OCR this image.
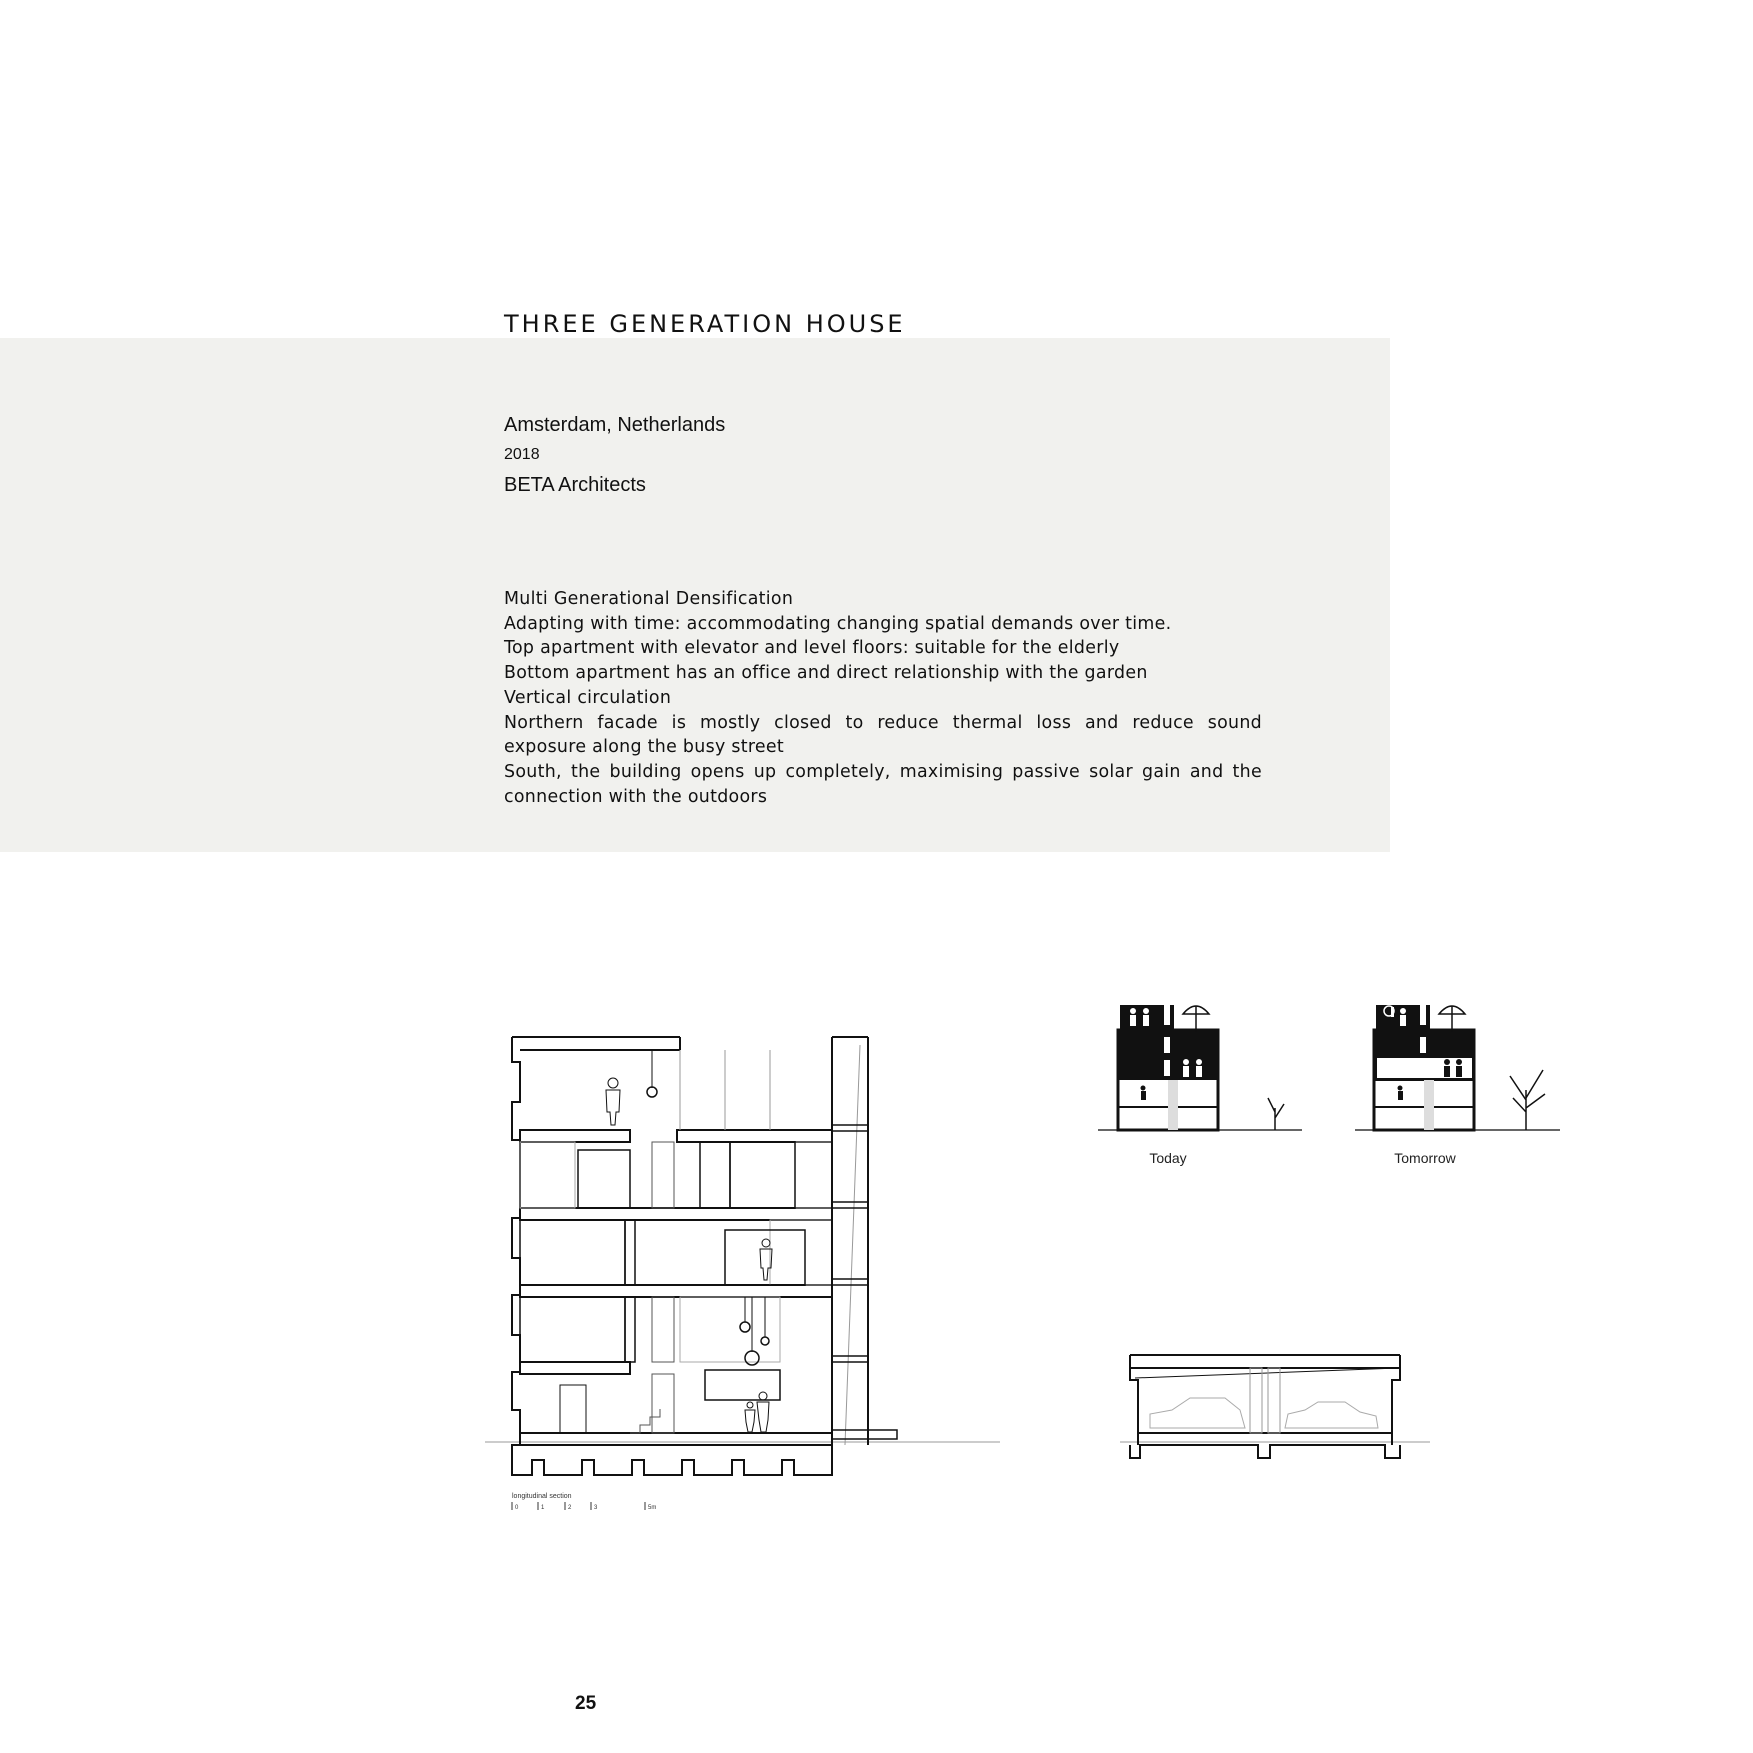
THREE GENERATION HOUSE
Amsterdam, Netherlands
2018
BETA Architects

Multi Generational Densification

Adapting with time: accommodating changing spatial demands over time.

Top apartment with elevator and level floors: suitable for the elderly

Bottom apartment has an office and direct relationship with the garden

Vertical circulation

Northern facade is mostly closed to reduce thermal loss and reduce sound exposure along the busy street

South, the building opens up completely, maximising passive solar gain and the connection with the outdoors

longitudinal section
0	1	2	3	5m
Today	Tomorrow
25
